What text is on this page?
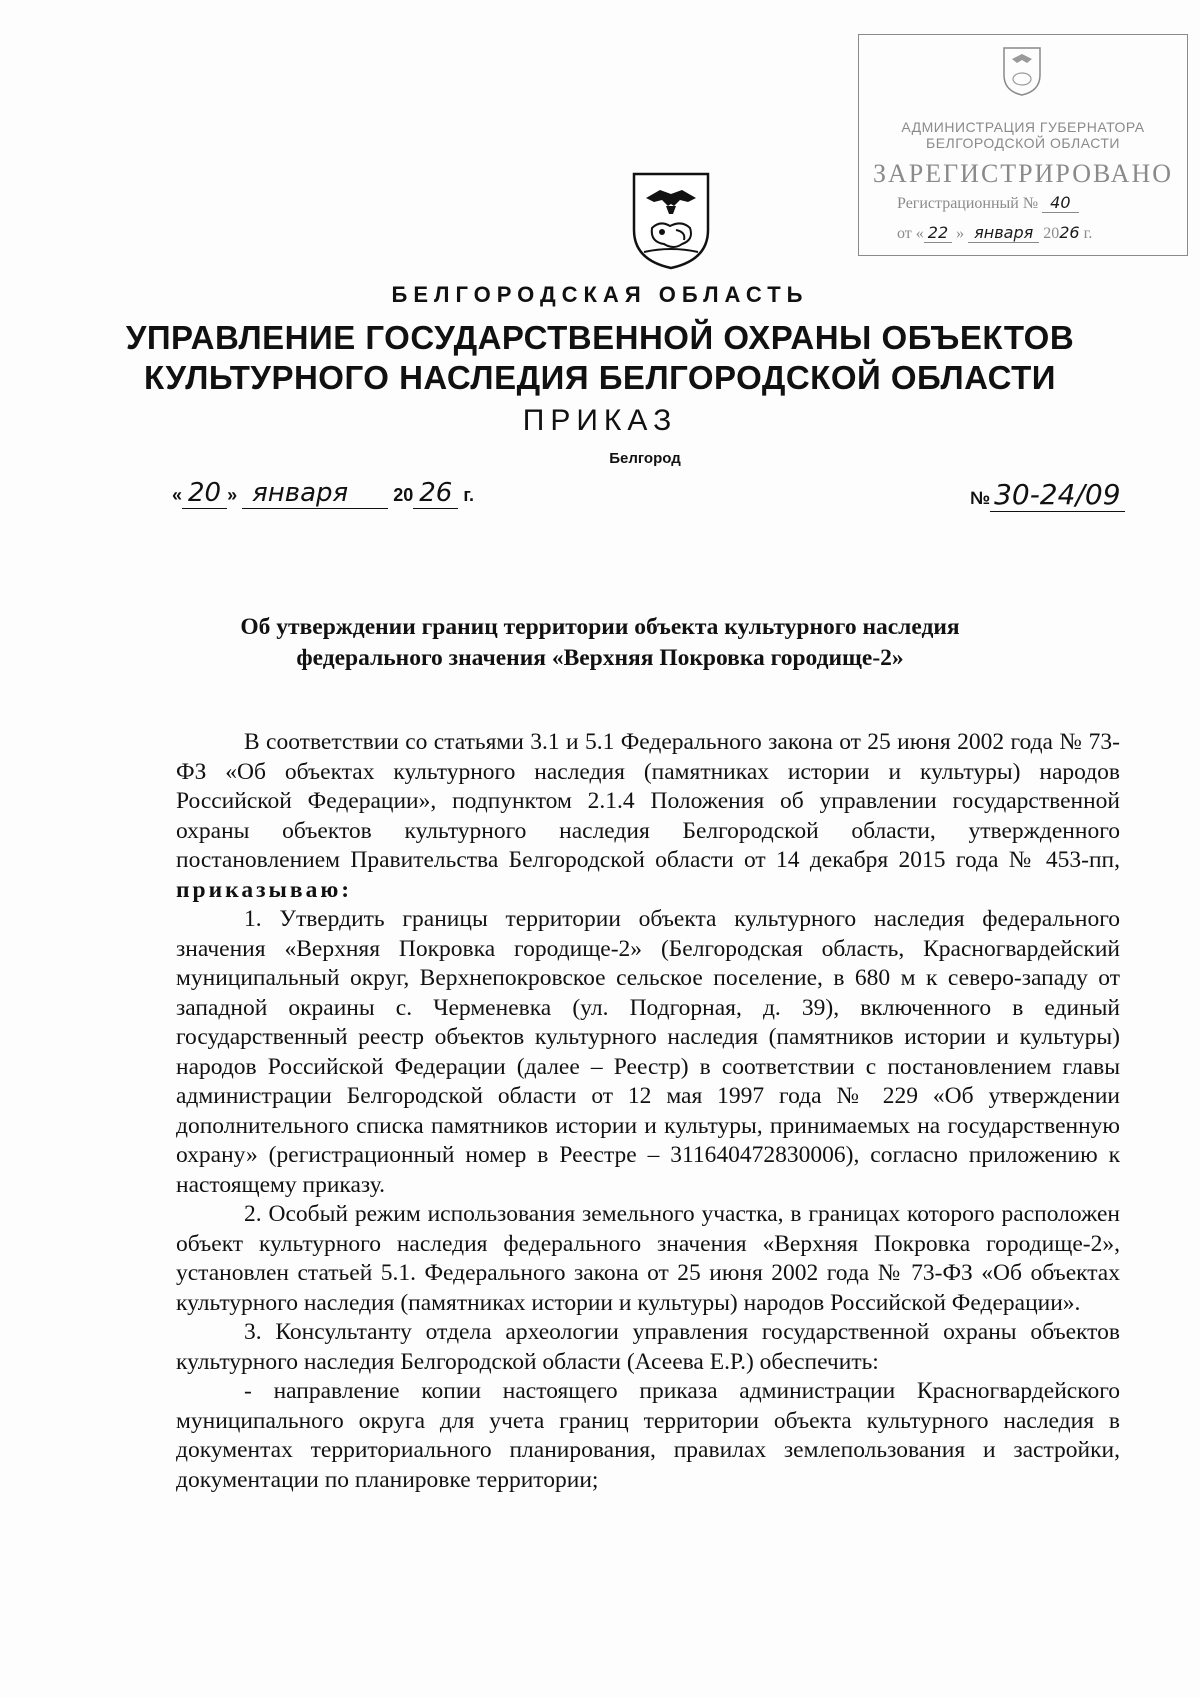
АДМИНИСТРАЦИЯ ГУБЕРНАТОРА
БЕЛГОРОДСКОЙ ОБЛАСТИ
ЗАРЕГИСТРИРОВАНО
Регистрационный № 40
от « 22 » января 2026 г.
БЕЛГОРОДСКАЯ ОБЛАСТЬ
УПРАВЛЕНИЕ ГОСУДАРСТВЕННОЙ ОХРАНЫ ОБЪЕКТОВ
КУЛЬТУРНОГО НАСЛЕДИЯ БЕЛГОРОДСКОЙ ОБЛАСТИ
ПРИКАЗ
Белгород
« 20 » января	20 26 г.	№ 30-24/09
Об утверждении границ территории объекта культурного наследия
федерального значения «Верхняя Покровка городище-2»

В соответствии со статьями 3.1 и 5.1 Федерального закона от 25 июня 2002 года № 73-ФЗ «Об объектах культурного наследия (памятниках истории и культуры) народов Российской Федерации», подпунктом 2.1.4 Положения об управлении государственной охраны объектов культурного наследия Белгородской области, утвержденного постановлением Правительства Белгородской области от 14 декабря 2015 года № 453-пп, приказываю:

1. Утвердить границы территории объекта культурного наследия федерального значения «Верхняя Покровка городище-2» (Белгородская область, Красногвардейский муниципальный округ, Верхнепокровское сельское поселение, в 680 м к северо-западу от западной окраины с. Черменевка (ул. Подгорная, д. 39), включенного в единый государственный реестр объектов культурного наследия (памятников истории и культуры) народов Российской Федерации (далее – Реестр) в соответствии с постановлением главы администрации Белгородской области от 12 мая 1997 года № 229 «Об утверждении дополнительного списка памятников истории и культуры, принимаемых на государственную охрану» (регистрационный номер в Реестре – 311640472830006), согласно приложению к настоящему приказу.

2. Особый режим использования земельного участка, в границах которого расположен объект культурного наследия федерального значения «Верхняя Покровка городище-2», установлен статьей 5.1. Федерального закона от 25 июня 2002 года № 73-ФЗ «Об объектах культурного наследия (памятниках истории и культуры) народов Российской Федерации».

3. Консультанту отдела археологии управления государственной охраны объектов культурного наследия Белгородской области (Асеева Е.Р.) обеспечить:

- направление копии настоящего приказа администрации Красногвардейского муниципального округа для учета границ территории объекта культурного наследия в документах территориального планирования, правилах землепользования и застройки, документации по планировке территории;
